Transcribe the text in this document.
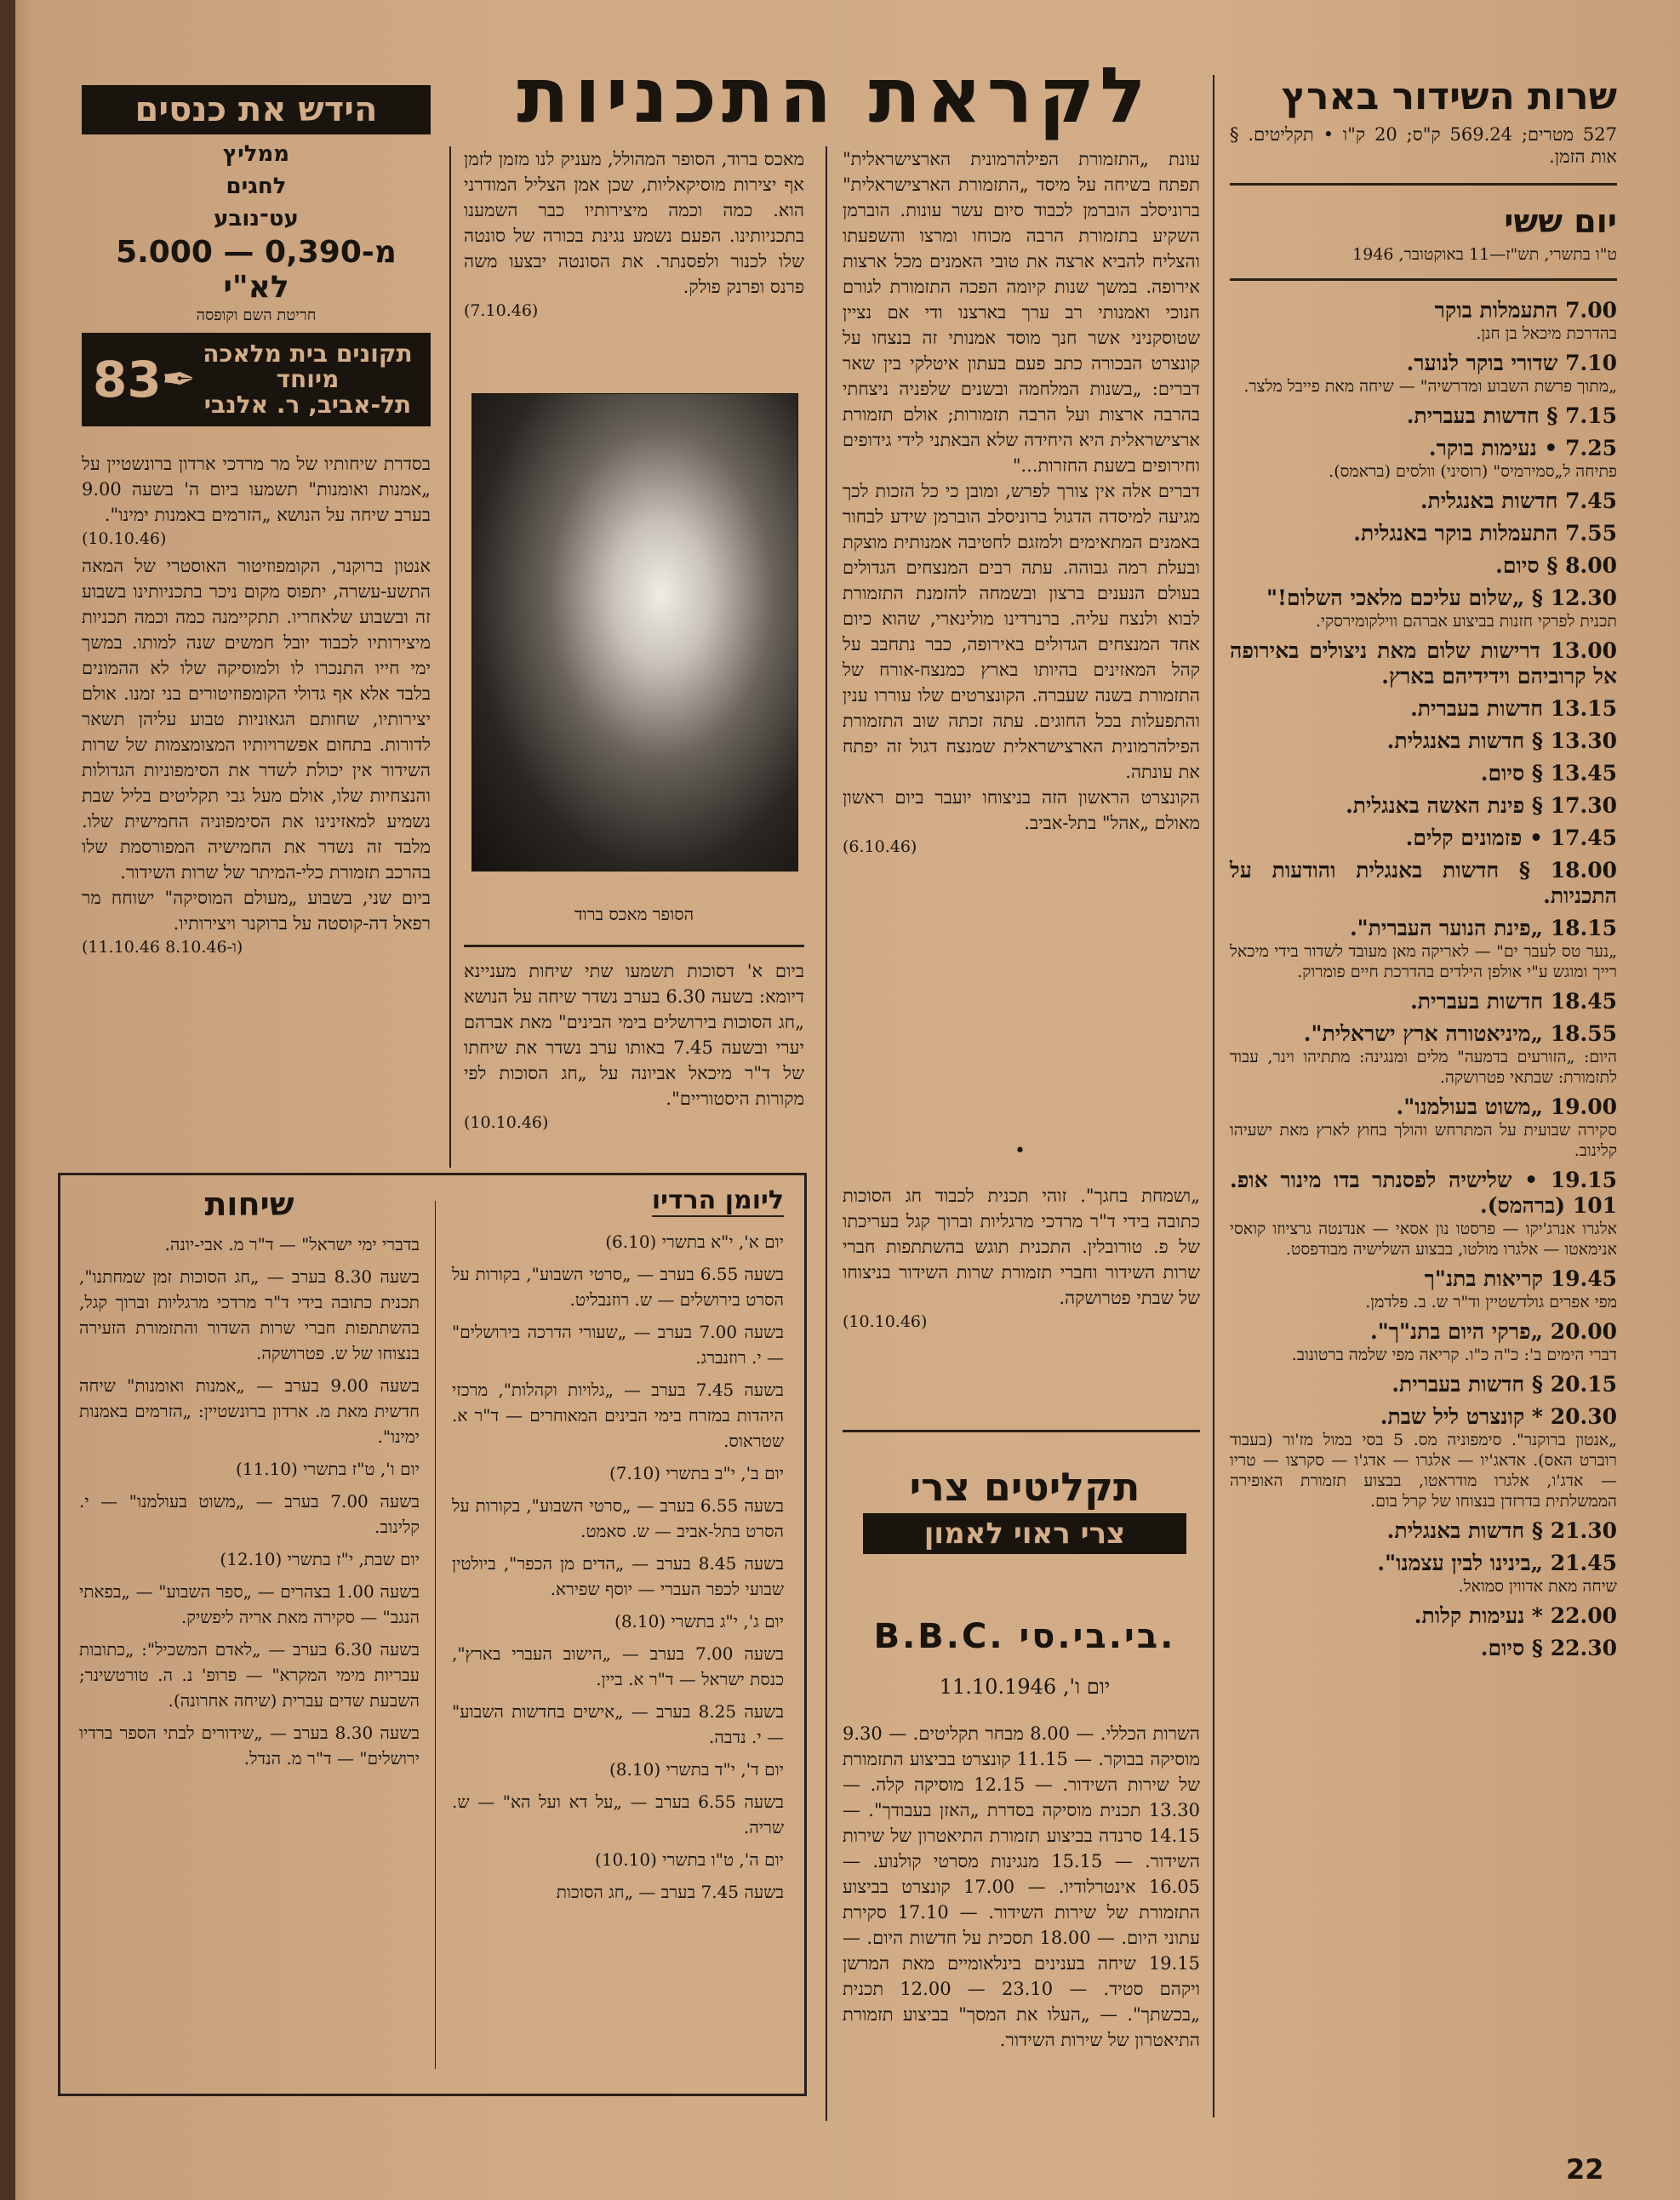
שרות השידור בארץ
527 מטרים; 569.24 ק"ס; 20 ק"ו • תקליטים. § אות הזמן.
יום ששי
ט"ו בתשרי, תש"ז—11 באוקטובר, 1946
7.00 התעמלות בוקר
בהדרכת מיכאל בן חנן.
7.10 שדורי בוקר לנוער.
„מתוך פרשת השבוע ומדרשיה" — שיחה מאת פייבל מלצר.
7.15 § חדשות בעברית.
7.25 • נעימות בוקר.
פתיחה ל„סמירמיס" (רוסיני) וולסים (בראמס).
7.45 חדשות באנגלית.
7.55 התעמלות בוקר באנגלית.
8.00 § סיום.
12.30 § „שלום עליכם מלאכי השלום!"
תכנית לפרקי חזנות בביצוע אברהם ווילקומירסקי.
13.00 דרישות שלום מאת ניצולים באירופה אל קרוביהם וידידיהם בארץ.
13.15 חדשות בעברית.
13.30 § חדשות באנגלית.
13.45 § סיום.
17.30 § פינת האשה באנגלית.
17.45 • פזמונים קלים.
18.00 § חדשות באנגלית והודעות על התכניות.
18.15 „פינת הנוער העברית".
„נער טס לעבר ים" — לאריקה מאן מעובד לשדור בידי מיכאל רייך ומוגש ע"י אולפן הילדים בהדרכת חיים פומרוק.
18.45 חדשות בעברית.
18.55 „מיניאטורה ארץ ישראלית".
היום: „הזורעים בדמעה" מלים ומנגינה: מתתיהו וינר, עבוד לתזמורת: שבתאי פטרושקה.
19.00 „משוט בעולמנו".
סקירה שבועית על המתרחש והולך בחוץ לארץ מאת ישעיהו קלינוב.
19.15 • שלישיה לפסנתר בדו מינור אופ. 101 (ברהמס).
אלגרו אנרג'יקו — פרסטו נון אסאי — אנדנטה גרציוזו קואסי אנימאטו — אלגרו מולטו, בבצוע השלישיה מבודפסט.
19.45 קריאות בתנ"ך
מפי אפרים גולדשטיין וד"ר ש. ב. פלדמן.
20.00 „פרקי היום בתנ"ך".
דברי הימים ב': כ"ה כ"ו. קריאה מפי שלמה ברטונוב.
20.15 § חדשות בעברית.
20.30 * קונצרט ליל שבת.
„אנטון ברוקנר". סימפוניה מס. 5 בסי במול מז'ור (בעבוד רוברט האס). אדאג'יו — אלגרו — אדג'ו — סקרצו — טריו — אדג'ו, אלגרו מודראטו, בבצוע תזמורת האופירה הממשלתית בדרזדן בנצוחו של קרל בום.
21.30 § חדשות באנגלית.
21.45 „בינינו לבין עצמנו".
שיחה מאת אדווין סמואל.
22.00 * נעימות קלות.
22.30 § סיום.
לקראת התכניות

עונת „התזמורת הפילהרמונית הארצישראלית" תפתח בשיחה על מיסד „התזמורת הארצישראלית" ברוניסלב הוברמן לכבוד סיום עשר עונות. הוברמן השקיע בתזמורת הרבה מכוחו ומרצו והשפעתו והצליח להביא ארצה את טובי האמנים מכל ארצות אירופה. במשך שנות קיומה הפכה התזמורת לגורם חנוכי ואמנותי רב ערך בארצנו ודי אם נציין שטוסקניני אשר חנך מוסד אמנותי זה בנצחו על קונצרט הבכורה כתב פעם בעתון איטלקי בין שאר דברים: „בשנות המלחמה ובשנים שלפניה ניצחתי בהרבה ארצות ועל הרבה תזמורות; אולם תזמורת ארצישראלית היא היחידה שלא הבאתני לידי גידופים וחירופים בשעת החזרות..."

דברים אלה אין צורך לפרש, ומובן כי כל הזכות לכך מגיעה למיסדה הדגול ברוניסלב הוברמן שידע לבחור באמנים המתאימים ולמזגם לחטיבה אמנותית מוצקת ובעלת רמה גבוהה. עתה רבים המנצחים הגדולים בעולם הנענים ברצון ובשמחה להזמנת התזמורת לבוא ולנצח עליה. ברנרדינו מולינארי, שהוא כיום אחד המנצחים הגדולים באירופה, כבר נתחבב על קהל המאזינים בהיותו בארץ כמנצח-אורח של התזמורת בשנה שעברה. הקונצרטים שלו עוררו ענין והתפעלות בכל החוגים. עתה זכתה שוב התזמורת הפילהרמונית הארצישראלית שמנצח דגול זה יפתח את עונתה.

הקונצרט הראשון הזה בניצוחו יועבר ביום ראשון מאולם „אהל" בתל-אביב.

(6.10.46)
•

„ושמחת בחגך". זוהי תכנית לכבוד חג הסוכות כתובה בידי ד"ר מרדכי מרגליות וברוך קגל בעריכתו של פ. טורובלין. התכנית תוגש בהשתתפות חברי שרות השידור וחברי תזמורת שרות השידור בניצוחו של שבתי פטרושקה.

(10.10.46)
תקליטים צרי
צרי ראוי לאמון
B.B.C. בי.בי.סי.
יום ו', 11.10.1946

השרות הכללי. — 8.00 מבחר תקליטים. — 9.30 מוסיקה בבוקר. — 11.15 קונצרט בביצוע התזמורת של שירות השידור. — 12.15 מוסיקה קלה. — 13.30 תכנית מוסיקה בסדרת „האזן בעבודך". — 14.15 סרנדה בביצוע תזמורת התיאטרון של שירות השידור. — 15.15 מנגינות מסרטי קולנוע. — 16.05 אינטרלודיו. — 17.00 קונצרט בביצוע התזמורת של שירות השידור. — 17.10 סקירת עתוני היום. — 18.00 תסכית על חדשות היום. — 19.15 שיחה בענינים בינלאומיים מאת המרשן ויקהם סטיד. — 23.10 — 12.00 תכנית „בכשתך". — „העלו את המסך" בביצוע תזמורת התיאטרון של שירות השידור.

מאכס ברוד, הסופר המהולל, מעניק לנו מזמן לזמן אף יצירות מוסיקאליות, שכן אמן הצליל המודרני הוא. כמה וכמה מיצירותיו כבר השמענו בתכניותינו. הפעם נשמע נגינת בכורה של סונטה שלו לכנור ולפסנתר. את הסונטה יבצעו משה פרנס ופרנק פולק.

(7.10.46)
הסופר מאכס ברוד

ביום א' דסוכות תשמעו שתי שיחות מעניינא דיומא: בשעה 6.30 בערב נשדר שיחה על הנושא „חג הסוכות בירושלים בימי הבינים" מאת אברהם יערי ובשעה 7.45 באותו ערב נשדר את שיחתו של ד"ר מיכאל אביונה על „חג הסוכות לפי מקורות היסטוריים".

(10.10.46)
הידש את כנסים
ממליץ
לחגים
עט־נובע
מ-0,390 — 5.000 לא"י
חריטת השם וקופסה
תקונים בית מלאכה מיוחד
תל-אביב, ר. אלנבי
✒
83

בסדרת שיחותיו של מר מרדכי ארדון ברונשטיין על „אמנות ואומנות" תשמעו ביום ה' בשעה 9.00 בערב שיחה על הנושא „הזרמים באמנות ימינו".

(10.10.46)

אנטון ברוקנר, הקומפוזיטור האוסטרי של המאה התשע-עשרה, יתפוס מקום ניכר בתכניותינו בשבוע זה ובשבוע שלאחריו. תתקיימנה כמה וכמה תכניות מיצירותיו לכבוד יובל חמשים שנה למותו. במשך ימי חייו התנכרו לו ולמוסיקה שלו לא ההמונים בלבד אלא אף גדולי הקומפוזיטורים בני זמנו. אולם יצירותיו, שחותם הגאוניות טבוע עליהן תשאר לדורות. בתחום אפשרויותיו המצומצמות של שרות השידור אין יכולת לשדר את הסימפוניות הגדולות והנצחיות שלו, אולם מעל גבי תקליטים בליל שבת נשמיע למאזינינו את הסימפוניה החמישית שלו. מלבד זה נשדר את החמישיה המפורסמת שלו בהרכב תזמורת כלי-המיתר של שרות השידור.

ביום שני, בשבוע „מעולם המוסיקה" ישוחח מר רפאל דה-קוסטה על ברוקנר ויצירותיו.

(11.10.46 ו-8.10.46)
ליומן הרדיו

יום א', י"א בתשרי (6.10)

בשעה 6.55 בערב — „סרטי השבוע", בקורות על הסרט בירושלים — ש. רוזנבליט.

בשעה 7.00 בערב — „שעורי הדרכה בירושלים" — י. רוזנברג.

בשעה 7.45 בערב — „גלויות וקהלות", מרכזי היהדות במזרח בימי הבינים המאוחרים — ד"ר א. שטראוס.

יום ב', י"ב בתשרי (7.10)

בשעה 6.55 בערב — „סרטי השבוע", בקורות על הסרט בתל-אביב — ש. סאמט.

בשעה 8.45 בערב — „הדים מן הכפר", ביולטין שבועי לכפר העברי — יוסף שפירא.

יום ג', י"ג בתשרי (8.10)

בשעה 7.00 בערב — „הישוב העברי בארץ", כנסת ישראל — ד"ר א. ביין.

בשעה 8.25 בערב — „אישים בחדשות השבוע" — י. נדבה.

יום ד', י"ד בתשרי (8.10)

בשעה 6.55 בערב — „על דא ועל הא" — ש. שריה.

יום ה', ט"ו בתשרי (10.10)

בשעה 7.45 בערב — „חג הסוכות

שיחות

בדברי ימי ישראל" — ד"ר מ. אבי-יונה.

בשעה 8.30 בערב — „חג הסוכות זמן שמחתנו", תכנית כתובה בידי ד"ר מרדכי מרגליות וברוך קגל, בהשתתפות חברי שרות השדור והתזמורת הזעירה בנצוחו של ש. פטרושקה.

בשעה 9.00 בערב — „אמנות ואומנות" שיחה חדשית מאת מ. ארדון ברונשטיין: „הזרמים באמנות ימינו".

יום ו', ט"ז בתשרי (11.10)

בשעה 7.00 בערב — „משוט בעולמנו" — י. קלינוב.

יום שבת, י"ז בתשרי (12.10)

בשעה 1.00 בצהרים — „ספר השבוע" — „בפאתי הנגב" — סקירה מאת אריה ליפשיק.

בשעה 6.30 בערב — „לאדם המשכיל": „כתובות עבריות מימי המקרא" — פרופ' נ. ה. טורטשינר; השבעת שדים עברית (שיחה אחרונה).

בשעה 8.30 בערב — „שידורים לבתי הספר ברדיו ירושלים" — ד"ר מ. הנדל.

22
